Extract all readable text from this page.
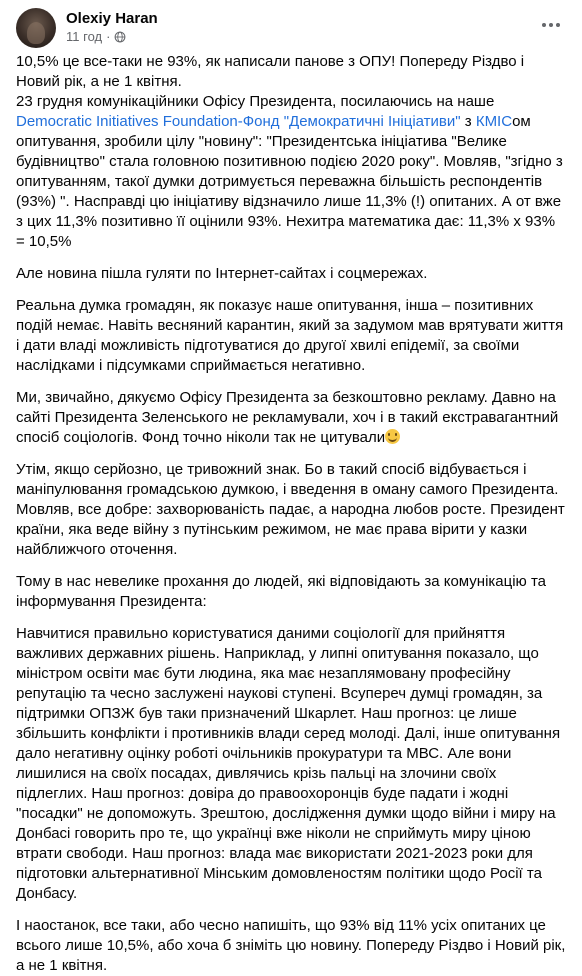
Olexiy Haran
11 год ·

10,5% це все-таки не 93%, як написали панове з ОПУ! Попереду Різдво і Новий рік, а не 1 квітня.
23 грудня комунікаційники Офісу Президента, посилаючись на наше Democratic Initiatives Foundation-Фонд "Демократичні Ініціативи" з КМІСом опитування, зробили цілу "новину": "Президентська ініціатива "Велике будівництво" стала головною позитивною подією 2020 року". Мовляв, "згідно з опитуванням, такої думки дотримується переважна більшість респондентів (93%) ". Насправді цю ініціативу відзначило лише 11,3% (!) опитаних. А от вже з цих 11,3% позитивно її оцінили 93%. Нехитра математика дає: 11,3% х 93% = 10,5%

Але новина пішла гуляти по Інтернет-сайтах і соцмережах.

Реальна думка громадян, як показує наше опитування, інша – позитивних подій немає. Навіть весняний карантин, який за задумом мав врятувати життя і дати владі можливість підготуватися до другої хвилі епідемії, за своїми наслідками і підсумками сприймається негативно.

Ми, звичайно, дякуємо Офісу Президента за безкоштовно рекламу. Давно на сайті Президента Зеленського не рекламували, хоч і в такий екстравагантний спосіб соціологів. Фонд точно ніколи так не цитували

Утім, якщо серйозно, це тривожний знак. Бо в такий спосіб відбувається і маніпулювання громадською думкою, і введення в оману самого Президента. Мовляв, все добре: захворюваність падає, а народна любов росте. Президент країни, яка веде війну з путінським режимом, не має права вірити у казки найближчого оточення.

Тому в нас невелике прохання до людей, які відповідають за комунікацію та інформування Президента:

Навчитися правильно користуватися даними соціології для прийняття важливих державних рішень. Наприклад, у липні опитування показало, що міністром освіти має бути людина, яка має незаплямовану професійну репутацію та чесно заслужені наукові ступені. Всупереч думці громадян, за підтримки ОПЗЖ був таки призначений Шкарлет. Наш прогноз: це лише збільшить конфлікти і противників влади серед молоді. Далі, інше опитування дало негативну оцінку роботі очільників прокуратури та МВС. Але вони лишилися на своїх посадах, дивлячись крізь пальці на злочини своїх підлеглих. Наш прогноз: довіра до правоохоронців буде падати і жодні "посадки" не допоможуть. Зрештою, дослідження думки щодо війни і миру на Донбасі говорить про те, що українці вже ніколи не сприймуть миру ціною втрати свободи. Наш прогноз: влада має використати 2021-2023 роки для підготовки альтернативної Мінським домовленостям політики щодо Росії та Донбасу.

І наостанок, все таки, або чесно напишіть, що 93% від 11% усіх опитаних це всього лише 10,5%, або хоча б зніміть цю новину. Попереду Різдво і Новий рік, а не 1 квітня.
